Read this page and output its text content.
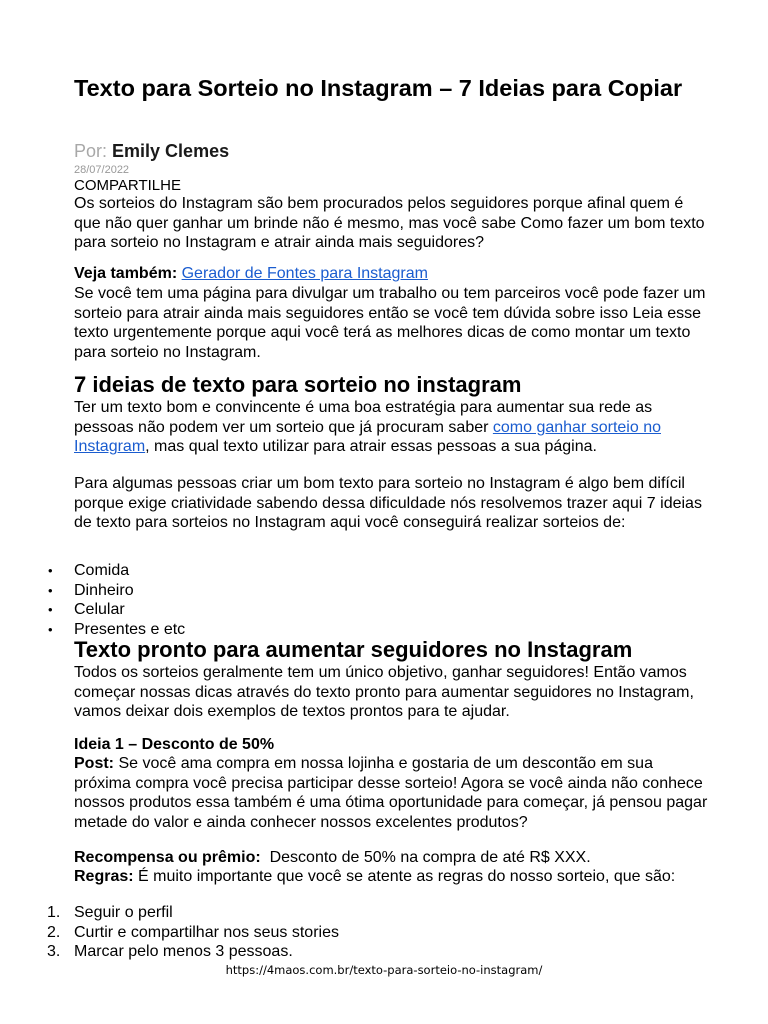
Texto para Sorteio no Instagram – 7 Ideias para Copiar
Por: Emily Clemes
28/07/2022
COMPARTILHE

Os sorteios do Instagram são bem procurados pelos seguidores porque afinal quem é que não quer ganhar um brinde não é mesmo, mas você sabe Como fazer um bom texto para sorteio no Instagram e atrair ainda mais seguidores?

Veja também: Gerador de Fontes para Instagram

Se você tem uma página para divulgar um trabalho ou tem parceiros você pode fazer um sorteio para atrair ainda mais seguidores então se você tem dúvida sobre isso Leia esse texto urgentemente porque aqui você terá as melhores dicas de como montar um texto para sorteio no Instagram.

7 ideias de texto para sorteio no instagram

Ter um texto bom e convincente é uma boa estratégia para aumentar sua rede as pessoas não podem ver um sorteio que já procuram saber como ganhar sorteio no Instagram, mas qual texto utilizar para atrair essas pessoas a sua página.

Para algumas pessoas criar um bom texto para sorteio no Instagram é algo bem difícil porque exige criatividade sabendo dessa dificuldade nós resolvemos trazer aqui 7 ideias de texto para sorteios no Instagram aqui você conseguirá realizar sorteios de:

• Comida
• Dinheiro
• Celular
• Presentes e etc
Texto pronto para aumentar seguidores no Instagram

Todos os sorteios geralmente tem um único objetivo, ganhar seguidores! Então vamos começar nossas dicas através do texto pronto para aumentar seguidores no Instagram, vamos deixar dois exemplos de textos prontos para te ajudar.

Ideia 1 – Desconto de 50%

Post: Se você ama compra em nossa lojinha e gostaria de um descontão em sua próxima compra você precisa participar desse sorteio! Agora se você ainda não conhece nossos produtos essa também é uma ótima oportunidade para começar, já pensou pagar metade do valor e ainda conhecer nossos excelentes produtos?

Recompensa ou prêmio:  Desconto de 50% na compra de até R$ XXX.

Regras: É muito importante que você se atente as regras do nosso sorteio, que são:

1. Seguir o perfil
2. Curtir e compartilhar nos seus stories
3. Marcar pelo menos 3 pessoas.
https://4maos.com.br/texto-para-sorteio-no-instagram/
